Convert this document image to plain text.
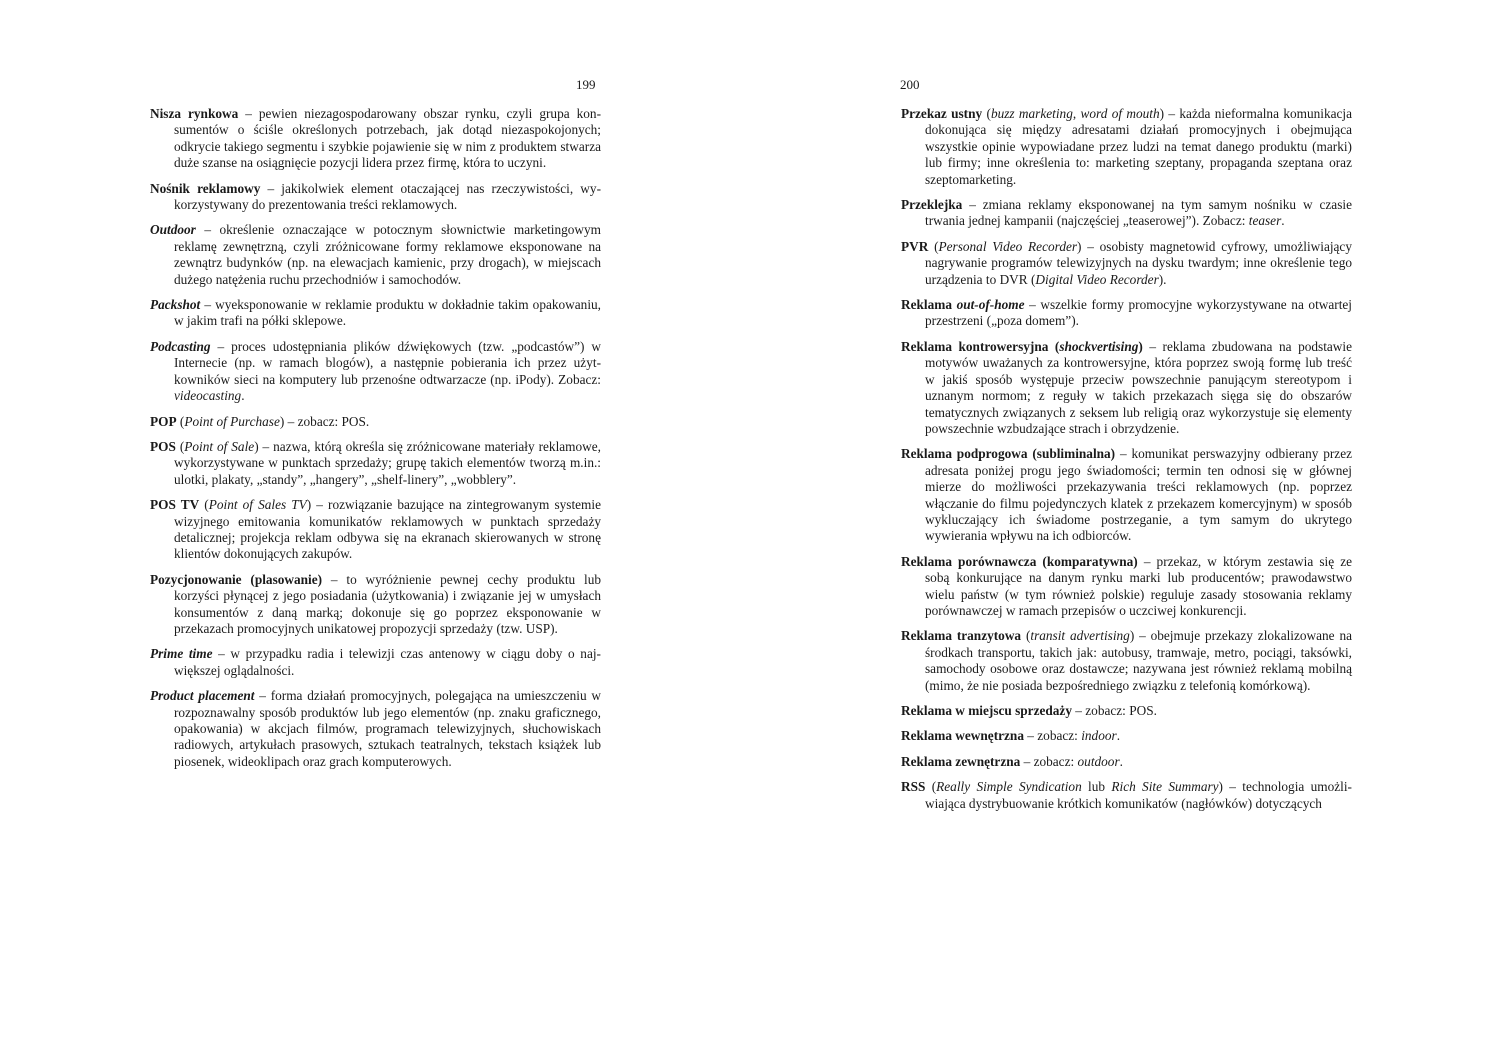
199

Nisza rynkowa – pewien niezagospodarowany obszar rynku, czyli grupa konsumentów o ściśle określonych potrzebach, jak dotąd niezaspokojonych; odkrycie takiego segmentu i szybkie pojawienie się w nim z produktem stwarza duże szanse na osiągnięcie pozycji lidera przez firmę, która to uczyni.

Nośnik reklamowy – jakikolwiek element otaczającej nas rzeczywistości, wykorzystywany do prezentowania treści reklamowych.

Outdoor – określenie oznaczające w potocznym słownictwie marketingowym reklamę zewnętrzną, czyli zróżnicowane formy reklamowe eksponowane na zewnątrz budynków (np. na elewacjach kamienic, przy drogach), w miejscach dużego natężenia ruchu przechodniów i samochodów.

Packshot – wyeksponowanie w reklamie produktu w dokładnie takim opakowaniu, w jakim trafi na półki sklepowe.

Podcasting – proces udostępniania plików dźwiękowych (tzw. „podcastów”) w Internecie (np. w ramach blogów), a następnie pobierania ich przez użytkowników sieci na komputery lub przenośne odtwarzacze (np. iPody). Zobacz: videocasting.

POP (Point of Purchase) – zobacz: POS.

POS (Point of Sale) – nazwa, którą określa się zróżnicowane materiały reklamowe, wykorzystywane w punktach sprzedaży; grupę takich elementów tworzą m.in.: ulotki, plakaty, „standy”, „hangery”, „shelf-linery”, „wobblery”.

POS TV (Point of Sales TV) – rozwiązanie bazujące na zintegrowanym systemie wizyjnego emitowania komunikatów reklamowych w punktach sprzedaży detalicznej; projekcja reklam odbywa się na ekranach skierowanych w stronę klientów dokonujących zakupów.

Pozycjonowanie (plasowanie) – to wyróżnienie pewnej cechy produktu lub korzyści płynącej z jego posiadania (użytkowania) i związanie jej w umysłach konsumentów z daną marką; dokonuje się go poprzez eksponowanie w przekazach promocyjnych unikatowej propozycji sprzedaży (tzw. USP).

Prime time – w przypadku radia i telewizji czas antenowy w ciągu doby o największej oglądalności.

Product placement – forma działań promocyjnych, polegająca na umieszczeniu w rozpoznawalny sposób produktów lub jego elementów (np. znaku graficznego, opakowania) w akcjach filmów, programach telewizyjnych, słuchowiskach radiowych, artykułach prasowych, sztukach teatralnych, tekstach książek lub piosenek, wideoklipach oraz grach komputerowych.

200

Przekaz ustny (buzz marketing, word of mouth) – każda nieformalna komunikacja dokonująca się między adresatami działań promocyjnych i obejmująca wszystkie opinie wypowiadane przez ludzi na temat danego produktu (marki) lub firmy; inne określenia to: marketing szeptany, propaganda szeptana oraz szeptomarketing.

Przeklejka – zmiana reklamy eksponowanej na tym samym nośniku w czasie trwania jednej kampanii (najczęściej „teaserowej”). Zobacz: teaser.

PVR (Personal Video Recorder) – osobisty magnetowid cyfrowy, umożliwiający nagrywanie programów telewizyjnych na dysku twardym; inne określenie tego urządzenia to DVR (Digital Video Recorder).

Reklama out-of-home – wszelkie formy promocyjne wykorzystywane na otwartej przestrzeni („poza domem”).

Reklama kontrowersyjna (shockvertising) – reklama zbudowana na podstawie motywów uważanych za kontrowersyjne, która poprzez swoją formę lub treść w jakiś sposób występuje przeciw powszechnie panującym stereotypom i uznanym normom; z reguły w takich przekazach sięga się do obszarów tematycznych związanych z seksem lub religią oraz wykorzystuje się elementy powszechnie wzbudzające strach i obrzydzenie.

Reklama podprogowa (subliminalna) – komunikat perswazyjny odbierany przez adresata poniżej progu jego świadomości; termin ten odnosi się w głównej mierze do możliwości przekazywania treści reklamowych (np. poprzez włączanie do filmu pojedynczych klatek z przekazem komercyjnym) w sposób wykluczający ich świadome postrzeganie, a tym samym do ukrytego wywierania wpływu na ich odbiorców.

Reklama porównawcza (komparatywna) – przekaz, w którym zestawia się ze sobą konkurujące na danym rynku marki lub producentów; prawodawstwo wielu państw (w tym również polskie) reguluje zasady stosowania reklamy porównawczej w ramach przepisów o uczciwej konkurencji.

Reklama tranzytowa (transit advertising) – obejmuje przekazy zlokalizowane na środkach transportu, takich jak: autobusy, tramwaje, metro, pociągi, taksówki, samochody osobowe oraz dostawcze; nazywana jest również reklamą mobilną (mimo, że nie posiada bezpośredniego związku z telefonią komórkową).

Reklama w miejscu sprzedaży – zobacz: POS.

Reklama wewnętrzna – zobacz: indoor.

Reklama zewnętrzna – zobacz: outdoor.

RSS (Really Simple Syndication lub Rich Site Summary) – technologia umożliwiająca dystrybuowanie krótkich komunikatów (nagłówków) dotyczących
